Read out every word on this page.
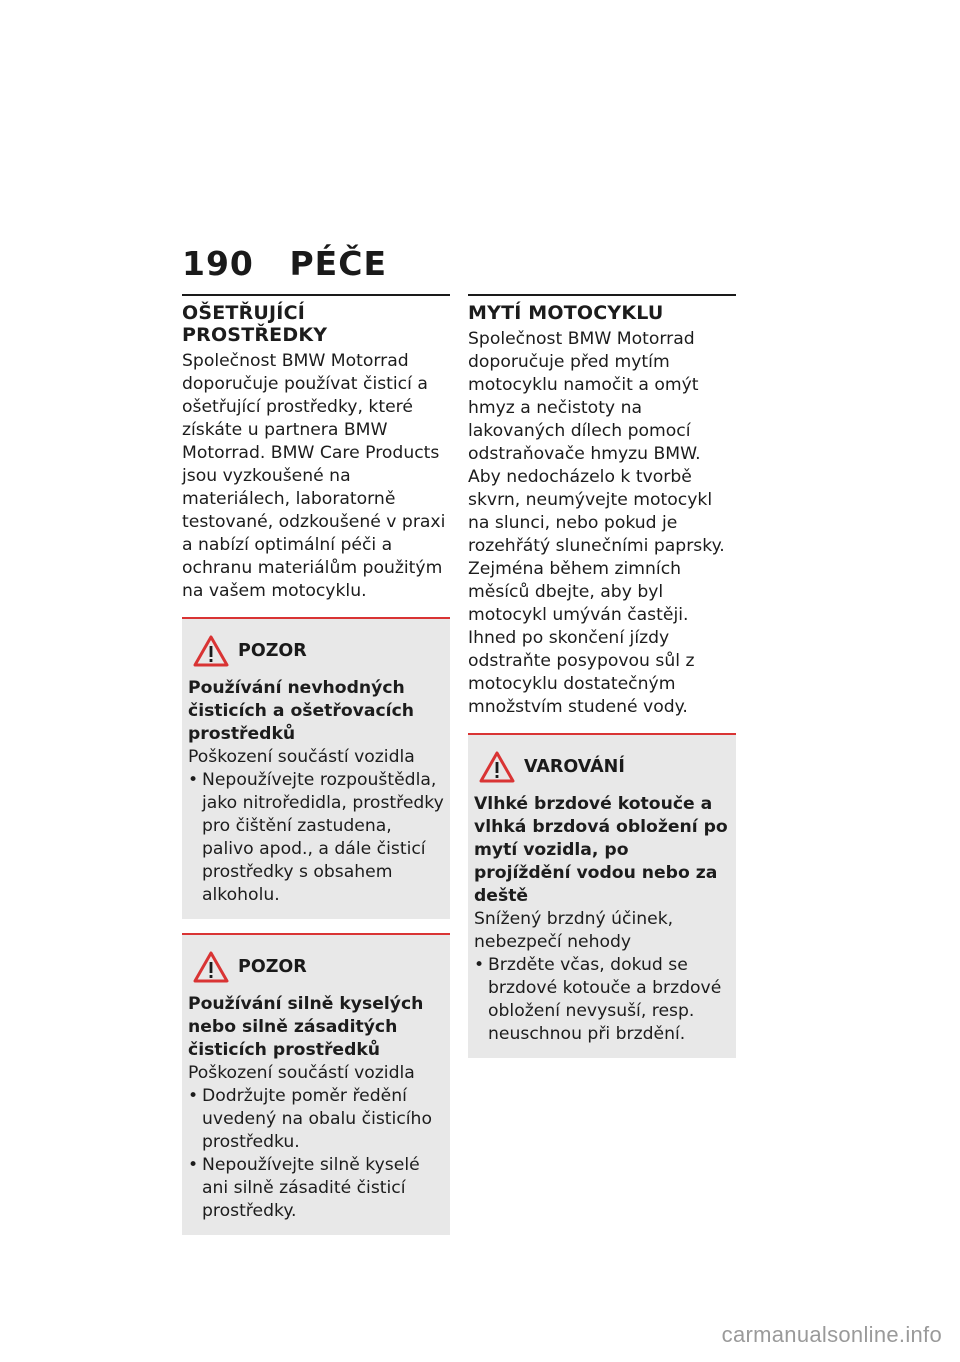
190 PÉČE
OŠETŘUJÍCÍ PROSTŘEDKY

Společnost BMW Motorrad doporučuje používat čisticí a ošetřující prostředky, které získáte u partnera BMW Motorrad. BMW Care Products jsou vyzkoušené na materiálech, laboratorně testované, odzkoušené v praxi a nabízí optimální péči a ochranu materiálům použitým na vašem motocyklu.

POZOR
Používání nevhodných čisticích a ošetřovacích prostředků
Poškození součástí vozidla
• Nepoužívejte rozpouštědla, jako nitroředidla, prostředky pro čištění zastudena, palivo apod., a dále čisticí prostředky s obsahem alkoholu.
POZOR
Používání silně kyselých nebo silně zásaditých čisticích prostředků
Poškození součástí vozidla
• Dodržujte poměr ředění uvedený na obalu čisticího prostředku.
• Nepoužívejte silně kyselé ani silně zásadité čisticí prostředky.
MYTÍ MOTOCYKLU

Společnost BMW Motorrad doporučuje před mytím motocyklu namočit a omýt hmyz a nečistoty na lakovaných dílech pomocí odstraňovače hmyzu BMW.

Aby nedocházelo k tvorbě skvrn, neumývejte motocykl na slunci, nebo pokud je rozehřátý slunečními paprsky.

Zejména během zimních měsíců dbejte, aby byl motocykl umýván častěji.

Ihned po skončení jízdy odstraňte posypovou sůl z motocyklu dostatečným množstvím studené vody.

VAROVÁNÍ
Vlhké brzdové kotouče a vlhká brzdová obložení po mytí vozidla, po projíždění vodou nebo za deště
Snížený brzdný účinek, nebezpečí nehody
• Brzděte včas, dokud se brzdové kotouče a brzdové obložení nevysuší, resp. neuschnou při brzdění.
carmanualsonline.info
